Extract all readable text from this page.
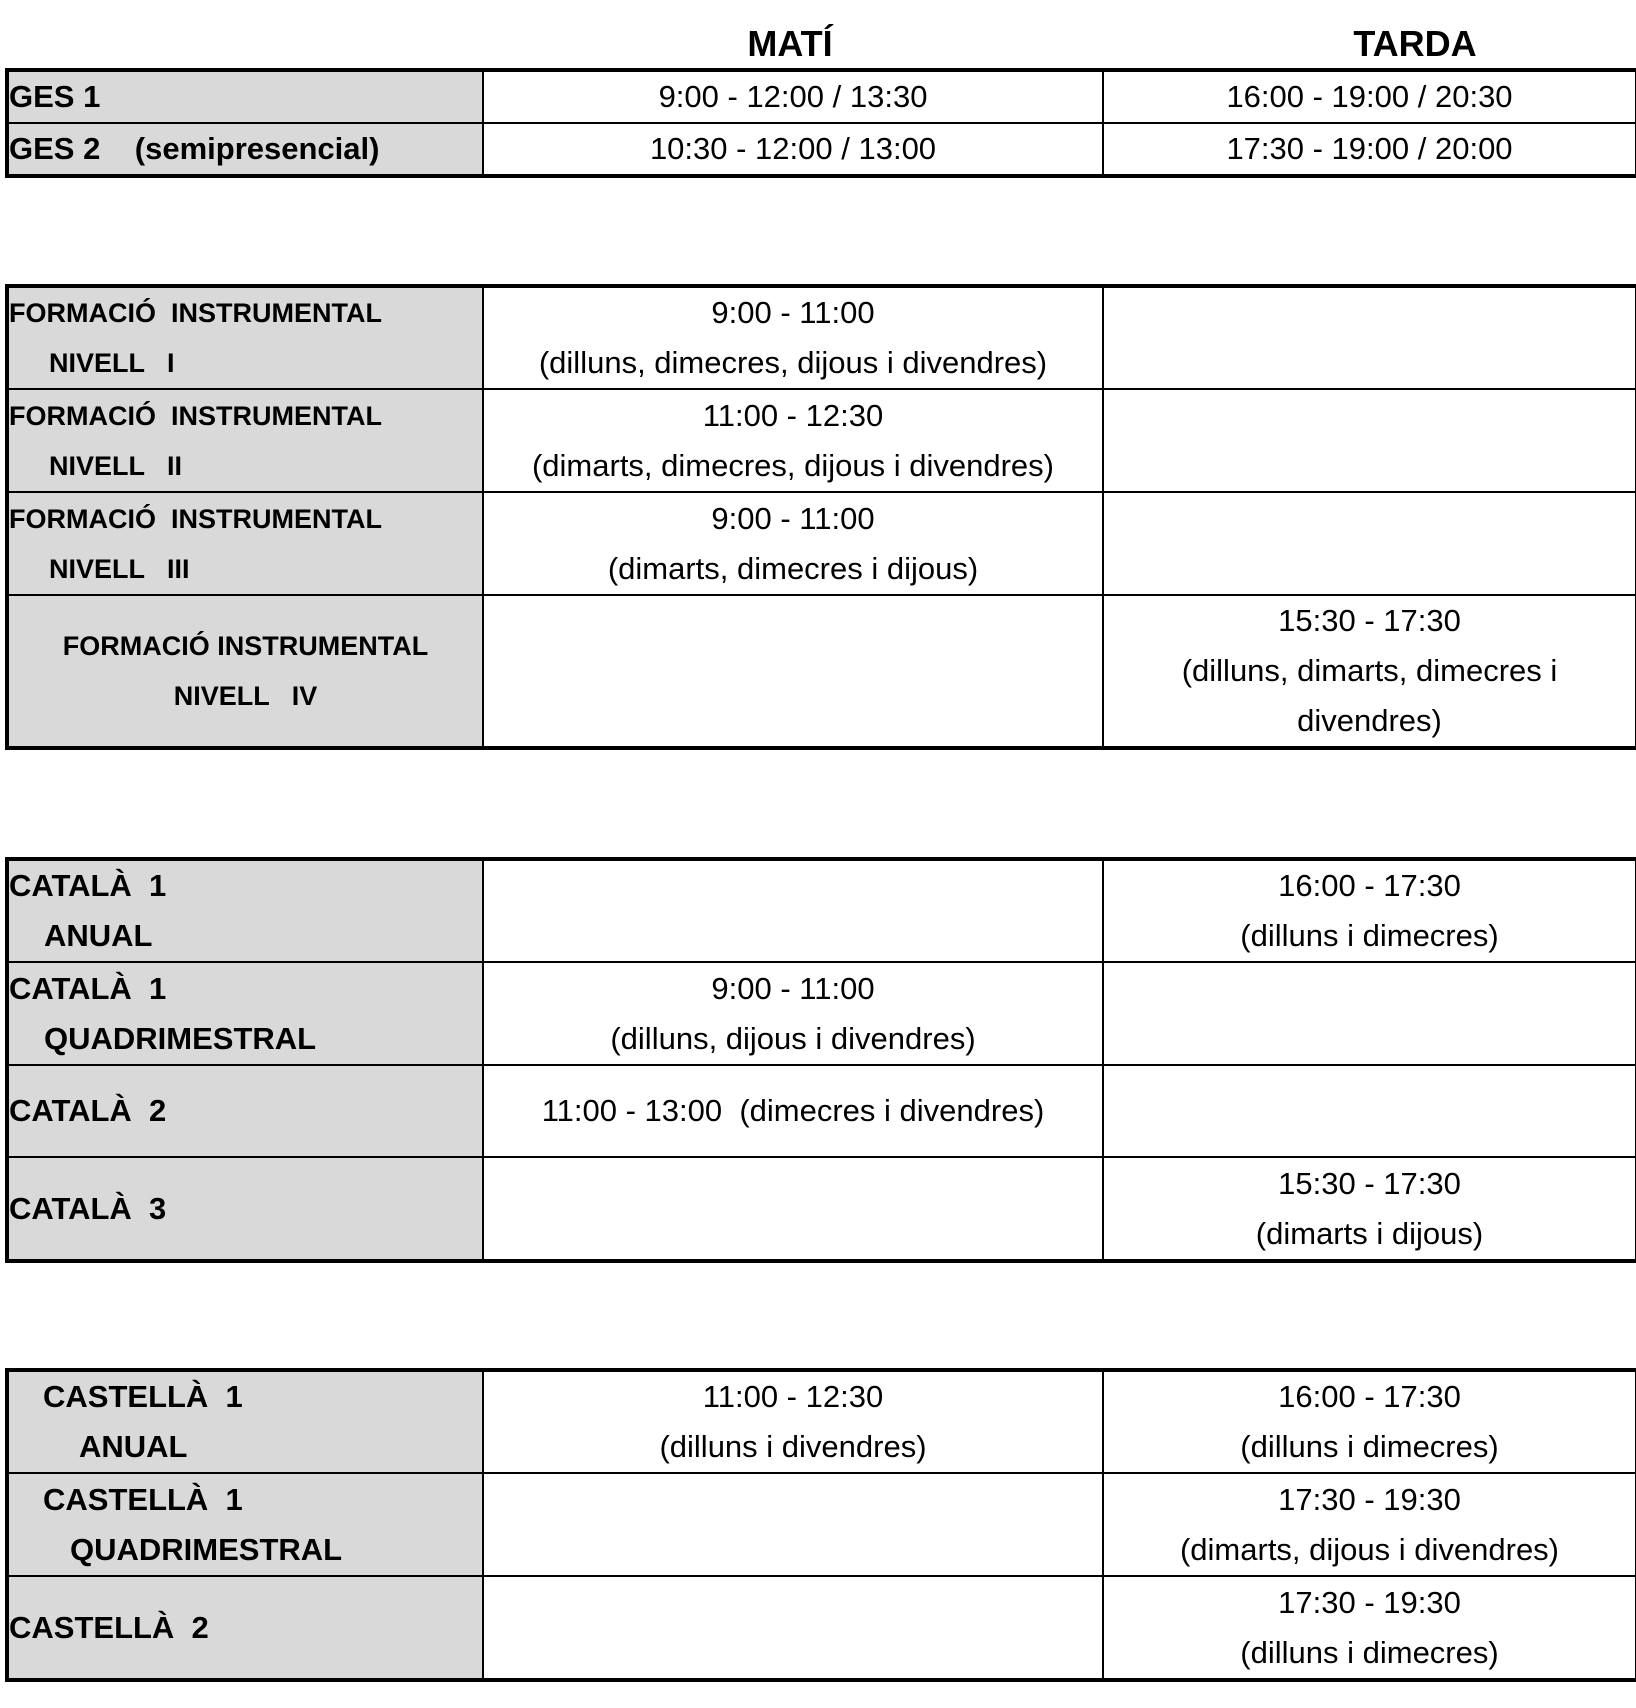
MATÍ	TARDA
GES 1	9:00 - 12:00 / 13:30	16:00 - 19:00 / 20:30

GES 2    (semipresencial)	10:30 - 12:00 / 13:00	17:30 - 19:00 / 20:00
FORMACIÓ  INSTRUMENTAL
NIVELL   I	9:00 - 11:00
(dilluns, dimecres, dijous i divendres)	

FORMACIÓ  INSTRUMENTAL
NIVELL   II	11:00 - 12:30
(dimarts, dimecres, dijous i divendres)	

FORMACIÓ  INSTRUMENTAL
NIVELL   III	9:00 - 11:00
(dimarts, dimecres i dijous)	

FORMACIÓ INSTRUMENTAL
NIVELL   IV		15:30 - 17:30
(dilluns, dimarts, dimecres i
divendres)
CATALÀ  1
ANUAL		16:00 - 17:30
(dilluns i dimecres)

CATALÀ  1
QUADRIMESTRAL	9:00 - 11:00
(dilluns, dijous i divendres)	

CATALÀ  2	11:00 - 13:00  (dimecres i divendres)	

CATALÀ  3		15:30 - 17:30
(dimarts i dijous)
CASTELLÀ  1
ANUAL	11:00 - 12:30
(dilluns i divendres)	16:00 - 17:30
(dilluns i dimecres)

CASTELLÀ  1
QUADRIMESTRAL		17:30 - 19:30
(dimarts, dijous i divendres)

CASTELLÀ  2		17:30 - 19:30
(dilluns i dimecres)
